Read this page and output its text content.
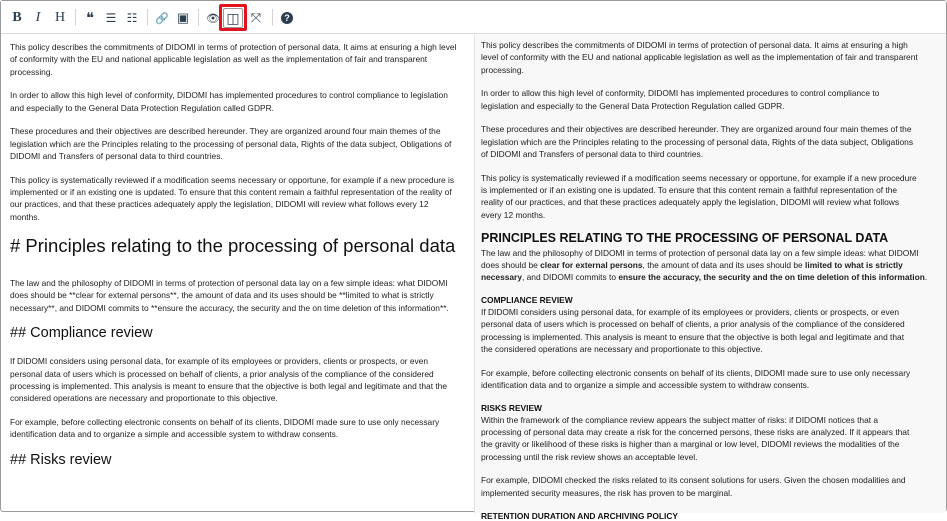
B I	H	❝ ☰ ☷	🔗 ▣	👁 ◫ ⤧	?

This policy describes the commitments of DIDOMI in terms of protection of personal data. It aims at ensuring a high level
of conformity with the EU and national applicable legislation as well as the implementation of fair and transparent
processing.

In order to allow this high level of conformity, DIDOMI has implemented procedures to control compliance to legislation
and especially to the General Data Protection Regulation called GDPR.

These procedures and their objectives are described hereunder. They are organized around four main themes of the
legislation which are the Principles relating to the processing of personal data, Rights of the data subject, Obligations of
DIDOMI and Transfers of personal data to third countries.

This policy is systematically reviewed if a modification seems necessary or opportune, for example if a new procedure is
implemented or if an existing one is updated. To ensure that this content remain a faithful representation of the reality of
our practices, and that these practices adequately apply the legislation, DIDOMI will review what follows every 12
months.

# Principles relating to the processing of personal data

The law and the philosophy of DIDOMI in terms of protection of personal data lay on a few simple ideas: what DIDOMI
does should be **clear for external persons**, the amount of data and its uses should be **limited to what is strictly
necessary**, and DIDOMI commits to **ensure the accuracy, the security and the on time deletion of this information**.

## Compliance review

If DIDOMI considers using personal data, for example of its employees or providers, clients or prospects, or even
personal data of users which is processed on behalf of clients, a prior analysis of the compliance of the considered
processing is implemented. This analysis is meant to ensure that the objective is both legal and legitimate and that the
considered operations are necessary and proportionate to this objective.

For example, before collecting electronic consents on behalf of its clients, DIDOMI made sure to use only necessary
identification data and to organize a simple and accessible system to withdraw consents.

## Risks review

This policy describes the commitments of DIDOMI in terms of protection of personal data. It aims at ensuring a high
level of conformity with the EU and national applicable legislation as well as the implementation of fair and transparent
processing.

In order to allow this high level of conformity, DIDOMI has implemented procedures to control compliance to
legislation and especially to the General Data Protection Regulation called GDPR.

These procedures and their objectives are described hereunder. They are organized around four main themes of the
legislation which are the Principles relating to the processing of personal data, Rights of the data subject, Obligations
of DIDOMI and Transfers of personal data to third countries.

This policy is systematically reviewed if a modification seems necessary or opportune, for example if a new procedure
is implemented or if an existing one is updated. To ensure that this content remain a faithful representation of the
reality of our practices, and that these practices adequately apply the legislation, DIDOMI will review what follows
every 12 months.

PRINCIPLES RELATING TO THE PROCESSING OF PERSONAL DATA

The law and the philosophy of DIDOMI in terms of protection of personal data lay on a few simple ideas: what DIDOMI
does should be clear for external persons, the amount of data and its uses should be limited to what is strictly
necessary, and DIDOMI commits to ensure the accuracy, the security and the on time deletion of this information.

COMPLIANCE REVIEW

If DIDOMI considers using personal data, for example of its employees or providers, clients or prospects, or even
personal data of users which is processed on behalf of clients, a prior analysis of the compliance of the considered
processing is implemented. This analysis is meant to ensure that the objective is both legal and legitimate and that
the considered operations are necessary and proportionate to this objective.

For example, before collecting electronic consents on behalf of its clients, DIDOMI made sure to use only necessary
identification data and to organize a simple and accessible system to withdraw consents.

RISKS REVIEW

Within the framework of the compliance review appears the subject matter of risks: if DIDOMI notices that a
processing of personal data may create a risk for the concerned persons, these risks are analyzed. If it appears that
the gravity or likelihood of these risks is higher than a marginal or low level, DIDOMI reviews the modalities of the
processing until the risk review shows an acceptable level.

For example, DIDOMI checked the risks related to its consent solutions for users. Given the chosen modalities and
implemented security measures, the risk has proven to be marginal.

RETENTION DURATION AND ARCHIVING POLICY
